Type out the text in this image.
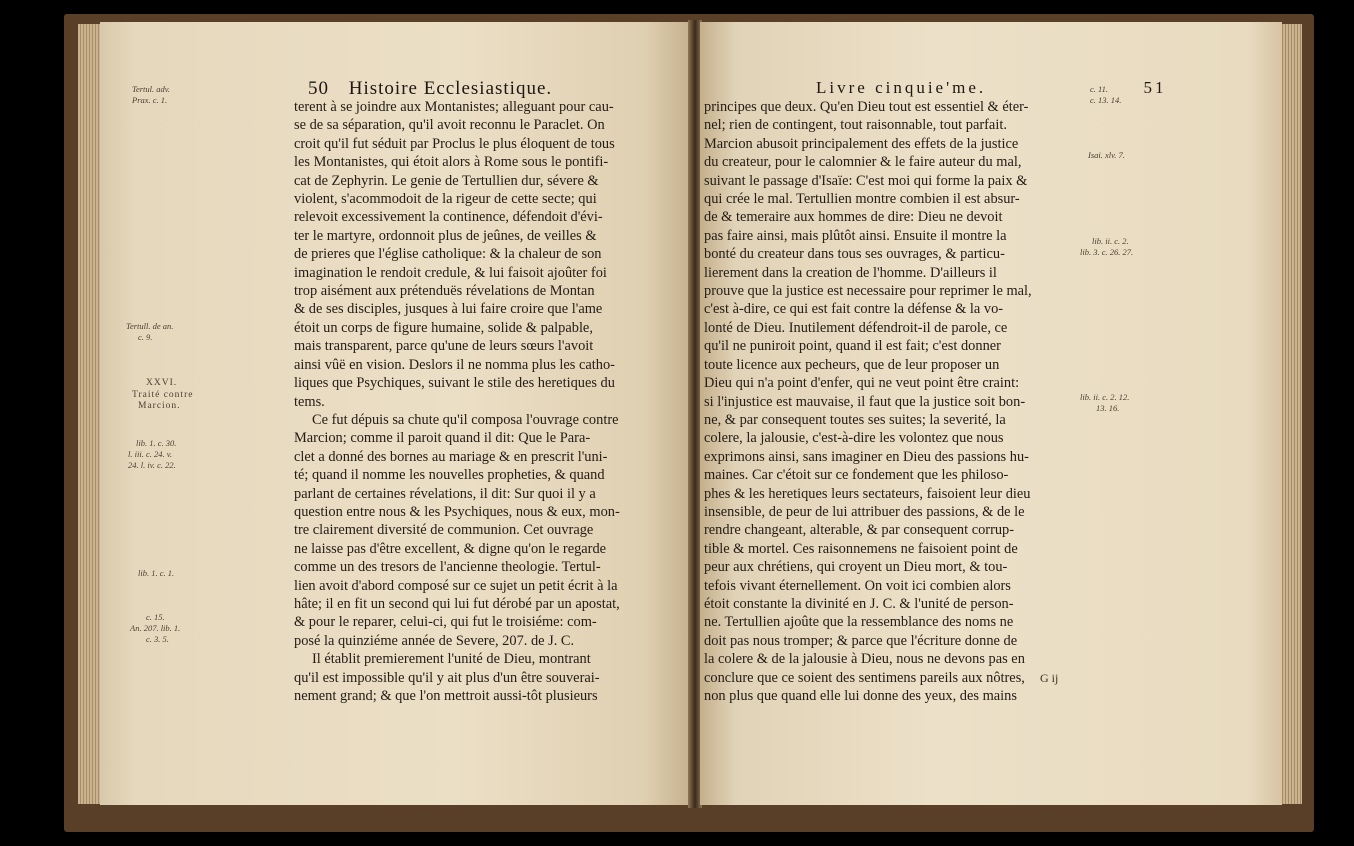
50 Histoire Ecclesiastique.
terent à se joindre aux Montanistes; alleguant pour cau-
se de sa séparation, qu'il avoit reconnu le Paraclet. On
croit qu'il fut séduit par Proclus le plus éloquent de tous
les Montanistes, qui étoit alors à Rome sous le pontifi-
cat de Zephyrin. Le genie de Tertullien dur, sévere &
violent, s'acommodoit de la rigeur de cette secte; qui
relevoit excessivement la continence, défendoit d'évi-
ter le martyre, ordonnoit plus de jeûnes, de veilles &
de prieres que l'église catholique: & la chaleur de son
imagination le rendoit credule, & lui faisoit ajoûter foi
trop aisément aux prétenduës révelations de Montan
& de ses disciples, jusques à lui faire croire que l'ame
étoit un corps de figure humaine, solide & palpable,
mais transparent, parce qu'une de leurs sœurs l'avoit
ainsi vûë en vision. Deslors il ne nomma plus les catho-
liques que Psychiques, suivant le stile des heretiques du
tems.
Ce fut dépuis sa chute qu'il composa l'ouvrage contre
Marcion; comme il paroit quand il dit: Que le Para-
clet a donné des bornes au mariage & en prescrit l'uni-
té; quand il nomme les nouvelles propheties, & quand
parlant de certaines révelations, il dit: Sur quoi il y a
question entre nous & les Psychiques, nous & eux, mon-
tre clairement diversité de communion. Cet ouvrage
ne laisse pas d'être excellent, & digne qu'on le regarde
comme un des tresors de l'ancienne theologie. Tertul-
lien avoit d'abord composé sur ce sujet un petit écrit à la
hâte; il en fit un second qui lui fut dérobé par un apostat,
& pour le reparer, celui-ci, qui fut le troisiéme: com-
posé la quinziéme année de Severe, 207. de J. C.
Il établit premierement l'unité de Dieu, montrant
qu'il est impossible qu'il y ait plus d'un être souverai-
nement grand; & que l'on mettroit aussi-tôt plusieurs
Livre cinquie'me.	51
principes que deux. Qu'en Dieu tout est essentiel & éter-
nel; rien de contingent, tout raisonnable, tout parfait.
Marcion abusoit principalement des effets de la justice
du createur, pour le calomnier & le faire auteur du mal,
suivant le passage d'Isaïe: C'est moi qui forme la paix &
qui crée le mal. Tertullien montre combien il est absur-
de & temeraire aux hommes de dire: Dieu ne devoit
pas faire ainsi, mais plûtôt ainsi. Ensuite il montre la
bonté du createur dans tous ses ouvrages, & particu-
lierement dans la creation de l'homme. D'ailleurs il
prouve que la justice est necessaire pour reprimer le mal,
c'est à-dire, ce qui est fait contre la défense & la vo-
lonté de Dieu. Inutilement défendroit-il de parole, ce
qu'il ne puniroit point, quand il est fait; c'est donner
toute licence aux pecheurs, que de leur proposer un
Dieu qui n'a point d'enfer, qui ne veut point être craint:
si l'injustice est mauvaise, il faut que la justice soit bon-
ne, & par consequent toutes ses suites; la severité, la
colere, la jalousie, c'est-à-dire les volontez que nous
exprimons ainsi, sans imaginer en Dieu des passions hu-
maines. Car c'étoit sur ce fondement que les philoso-
phes & les heretiques leurs sectateurs, faisoient leur dieu
insensible, de peur de lui attribuer des passions, & de le
rendre changeant, alterable, & par consequent corrup-
tible & mortel. Ces raisonnemens ne faisoient point de
peur aux chrétiens, qui croyent un Dieu mort, & tou-
tefois vivant éternellement. On voit ici combien alors
étoit constante la divinité en J. C. & l'unité de person-
ne. Tertullien ajoûte que la ressemblance des noms ne
doit pas nous tromper; & parce que l'écriture donne de
la colere & de la jalousie à Dieu, nous ne devons pas en
conclure que ce soient des sentimens pareils aux nôtres,
non plus que quand elle lui donne des yeux, des mains
G ij
Tertul. adv.
Prax. c. 1.
Tertull. de an.
c. 9.
XXVI.
Traité contre
Marcion.
lib. 1. c. 30.
l. iii. c. 24. v.
24. l. iv. c. 22.
lib. 1. c. 1.
c. 15.
An. 207. lib. 1.
c. 3. 5.
c. 11.
c. 13. 14.
Isai. xlv. 7.
lib. ii. c. 2.
lib. 3. c. 26. 27.
lib. ii. c. 2. 12.
13. 16.
